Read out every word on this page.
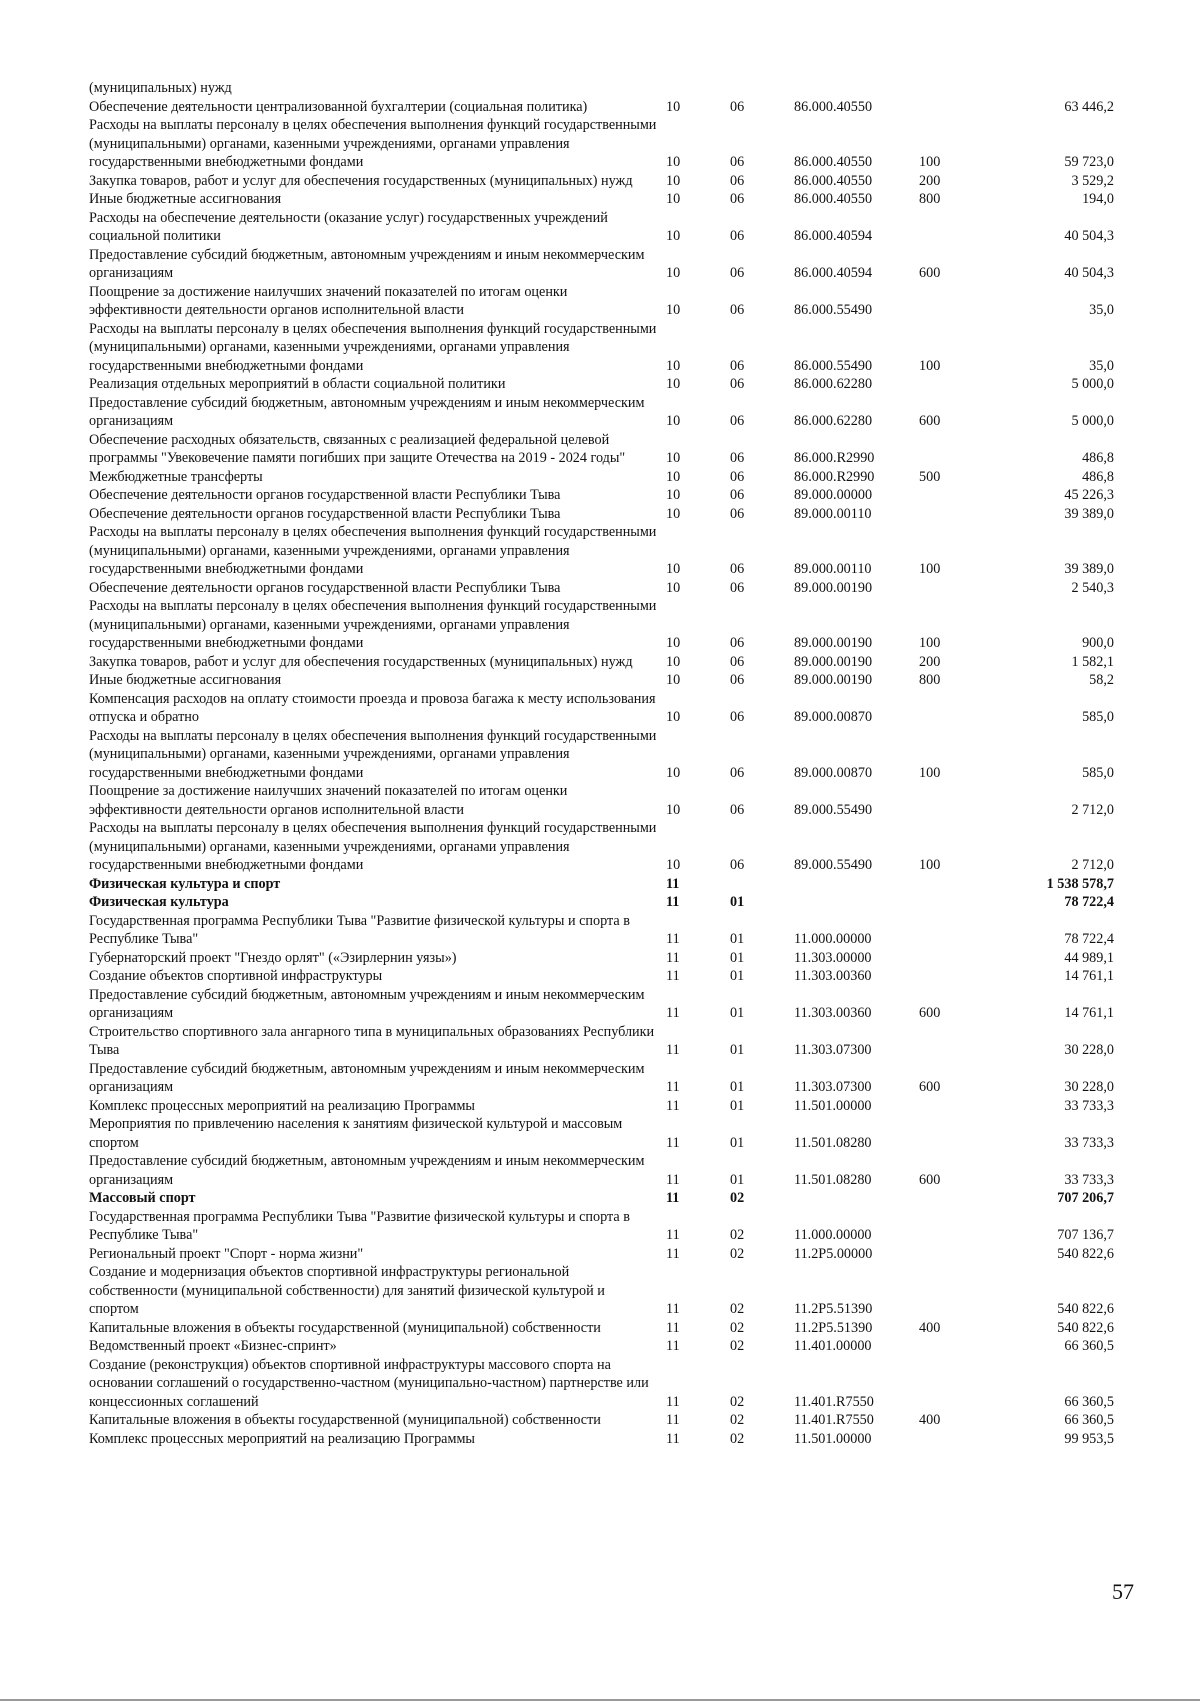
(муниципальных) нужд					
Обеспечение деятельности централизованной бухгалтерии (социальная политика)	10	06	86.000.40550		63 446,2
Расходы на выплаты персоналу в целях обеспечения выполнения функций государственными (муниципальными) органами, казенными учреждениями, органами управления государственными внебюджетными фондами	10	06	86.000.40550	100	59 723,0
Закупка товаров, работ и услуг для обеспечения государственных (муниципальных) нужд	10	06	86.000.40550	200	3 529,2
Иные бюджетные ассигнования	10	06	86.000.40550	800	194,0
Расходы на обеспечение деятельности (оказание услуг) государственных учреждений социальной политики	10	06	86.000.40594		40 504,3
Предоставление субсидий бюджетным, автономным учреждениям и иным некоммерческим организациям	10	06	86.000.40594	600	40 504,3
Поощрение за достижение наилучших значений показателей по итогам оценки эффективности деятельности органов исполнительной власти	10	06	86.000.55490		35,0
Расходы на выплаты персоналу в целях обеспечения выполнения функций государственными (муниципальными) органами, казенными учреждениями, органами управления государственными внебюджетными фондами	10	06	86.000.55490	100	35,0
Реализация отдельных мероприятий в области социальной политики	10	06	86.000.62280		5 000,0
Предоставление субсидий бюджетным, автономным учреждениям и иным некоммерческим организациям	10	06	86.000.62280	600	5 000,0
Обеспечение расходных обязательств, связанных с реализацией федеральной целевой программы "Увековечение памяти погибших при защите Отечества на 2019 - 2024 годы"	10	06	86.000.R2990		486,8
Межбюджетные трансферты	10	06	86.000.R2990	500	486,8
Обеспечение деятельности органов государственной власти Республики Тыва	10	06	89.000.00000		45 226,3
Обеспечение деятельности органов государственной власти Республики Тыва	10	06	89.000.00110		39 389,0
Расходы на выплаты персоналу в целях обеспечения выполнения функций государственными (муниципальными) органами, казенными учреждениями, органами управления государственными внебюджетными фондами	10	06	89.000.00110	100	39 389,0
Обеспечение деятельности органов государственной власти Республики Тыва	10	06	89.000.00190		2 540,3
Расходы на выплаты персоналу в целях обеспечения выполнения функций государственными (муниципальными) органами, казенными учреждениями, органами управления государственными внебюджетными фондами	10	06	89.000.00190	100	900,0
Закупка товаров, работ и услуг для обеспечения государственных (муниципальных) нужд	10	06	89.000.00190	200	1 582,1
Иные бюджетные ассигнования	10	06	89.000.00190	800	58,2
Компенсация расходов на оплату стоимости проезда и провоза багажа к месту использования отпуска и обратно	10	06	89.000.00870		585,0
Расходы на выплаты персоналу в целях обеспечения выполнения функций государственными (муниципальными) органами, казенными учреждениями, органами управления государственными внебюджетными фондами	10	06	89.000.00870	100	585,0
Поощрение за достижение наилучших значений показателей по итогам оценки эффективности деятельности органов исполнительной власти	10	06	89.000.55490		2 712,0
Расходы на выплаты персоналу в целях обеспечения выполнения функций государственными (муниципальными) органами, казенными учреждениями, органами управления государственными внебюджетными фондами	10	06	89.000.55490	100	2 712,0
Физическая культура и спорт	11				1 538 578,7
Физическая культура	11	01			78 722,4
Государственная программа Республики Тыва "Развитие физической культуры и спорта в Республике Тыва"	11	01	11.000.00000		78 722,4
Губернаторский проект "Гнездо орлят" («Эзирлернин уязы»)	11	01	11.303.00000		44 989,1
Создание объектов спортивной инфраструктуры	11	01	11.303.00360		14 761,1
Предоставление субсидий бюджетным, автономным учреждениям и иным некоммерческим организациям	11	01	11.303.00360	600	14 761,1
Строительство спортивного зала ангарного типа в муниципальных образованиях Республики Тыва	11	01	11.303.07300		30 228,0
Предоставление субсидий бюджетным, автономным учреждениям и иным некоммерческим организациям	11	01	11.303.07300	600	30 228,0
Комплекс процессных мероприятий на реализацию Программы	11	01	11.501.00000		33 733,3
Мероприятия по привлечению населения к занятиям физической культурой и массовым спортом	11	01	11.501.08280		33 733,3
Предоставление субсидий бюджетным, автономным учреждениям и иным некоммерческим организациям	11	01	11.501.08280	600	33 733,3
Массовый спорт	11	02			707 206,7
Государственная программа Республики Тыва "Развитие физической культуры и спорта в Республике Тыва"	11	02	11.000.00000		707 136,7
Региональный проект "Спорт - норма жизни"	11	02	11.2P5.00000		540 822,6
Создание и модернизация объектов спортивной инфраструктуры региональной собственности (муниципальной собственности) для занятий физической культурой и спортом	11	02	11.2P5.51390		540 822,6
Капитальные вложения в объекты государственной (муниципальной) собственности	11	02	11.2P5.51390	400	540 822,6
Ведомственный проект «Бизнес-спринт»	11	02	11.401.00000		66 360,5
Создание (реконструкция) объектов спортивной инфраструктуры массового спорта на основании соглашений о государственно-частном (муниципально-частном) партнерстве или концессионных соглашений	11	02	11.401.R7550		66 360,5
Капитальные вложения в объекты государственной (муниципальной) собственности	11	02	11.401.R7550	400	66 360,5
Комплекс процессных мероприятий на реализацию Программы	11	02	11.501.00000		99 953,5
57
